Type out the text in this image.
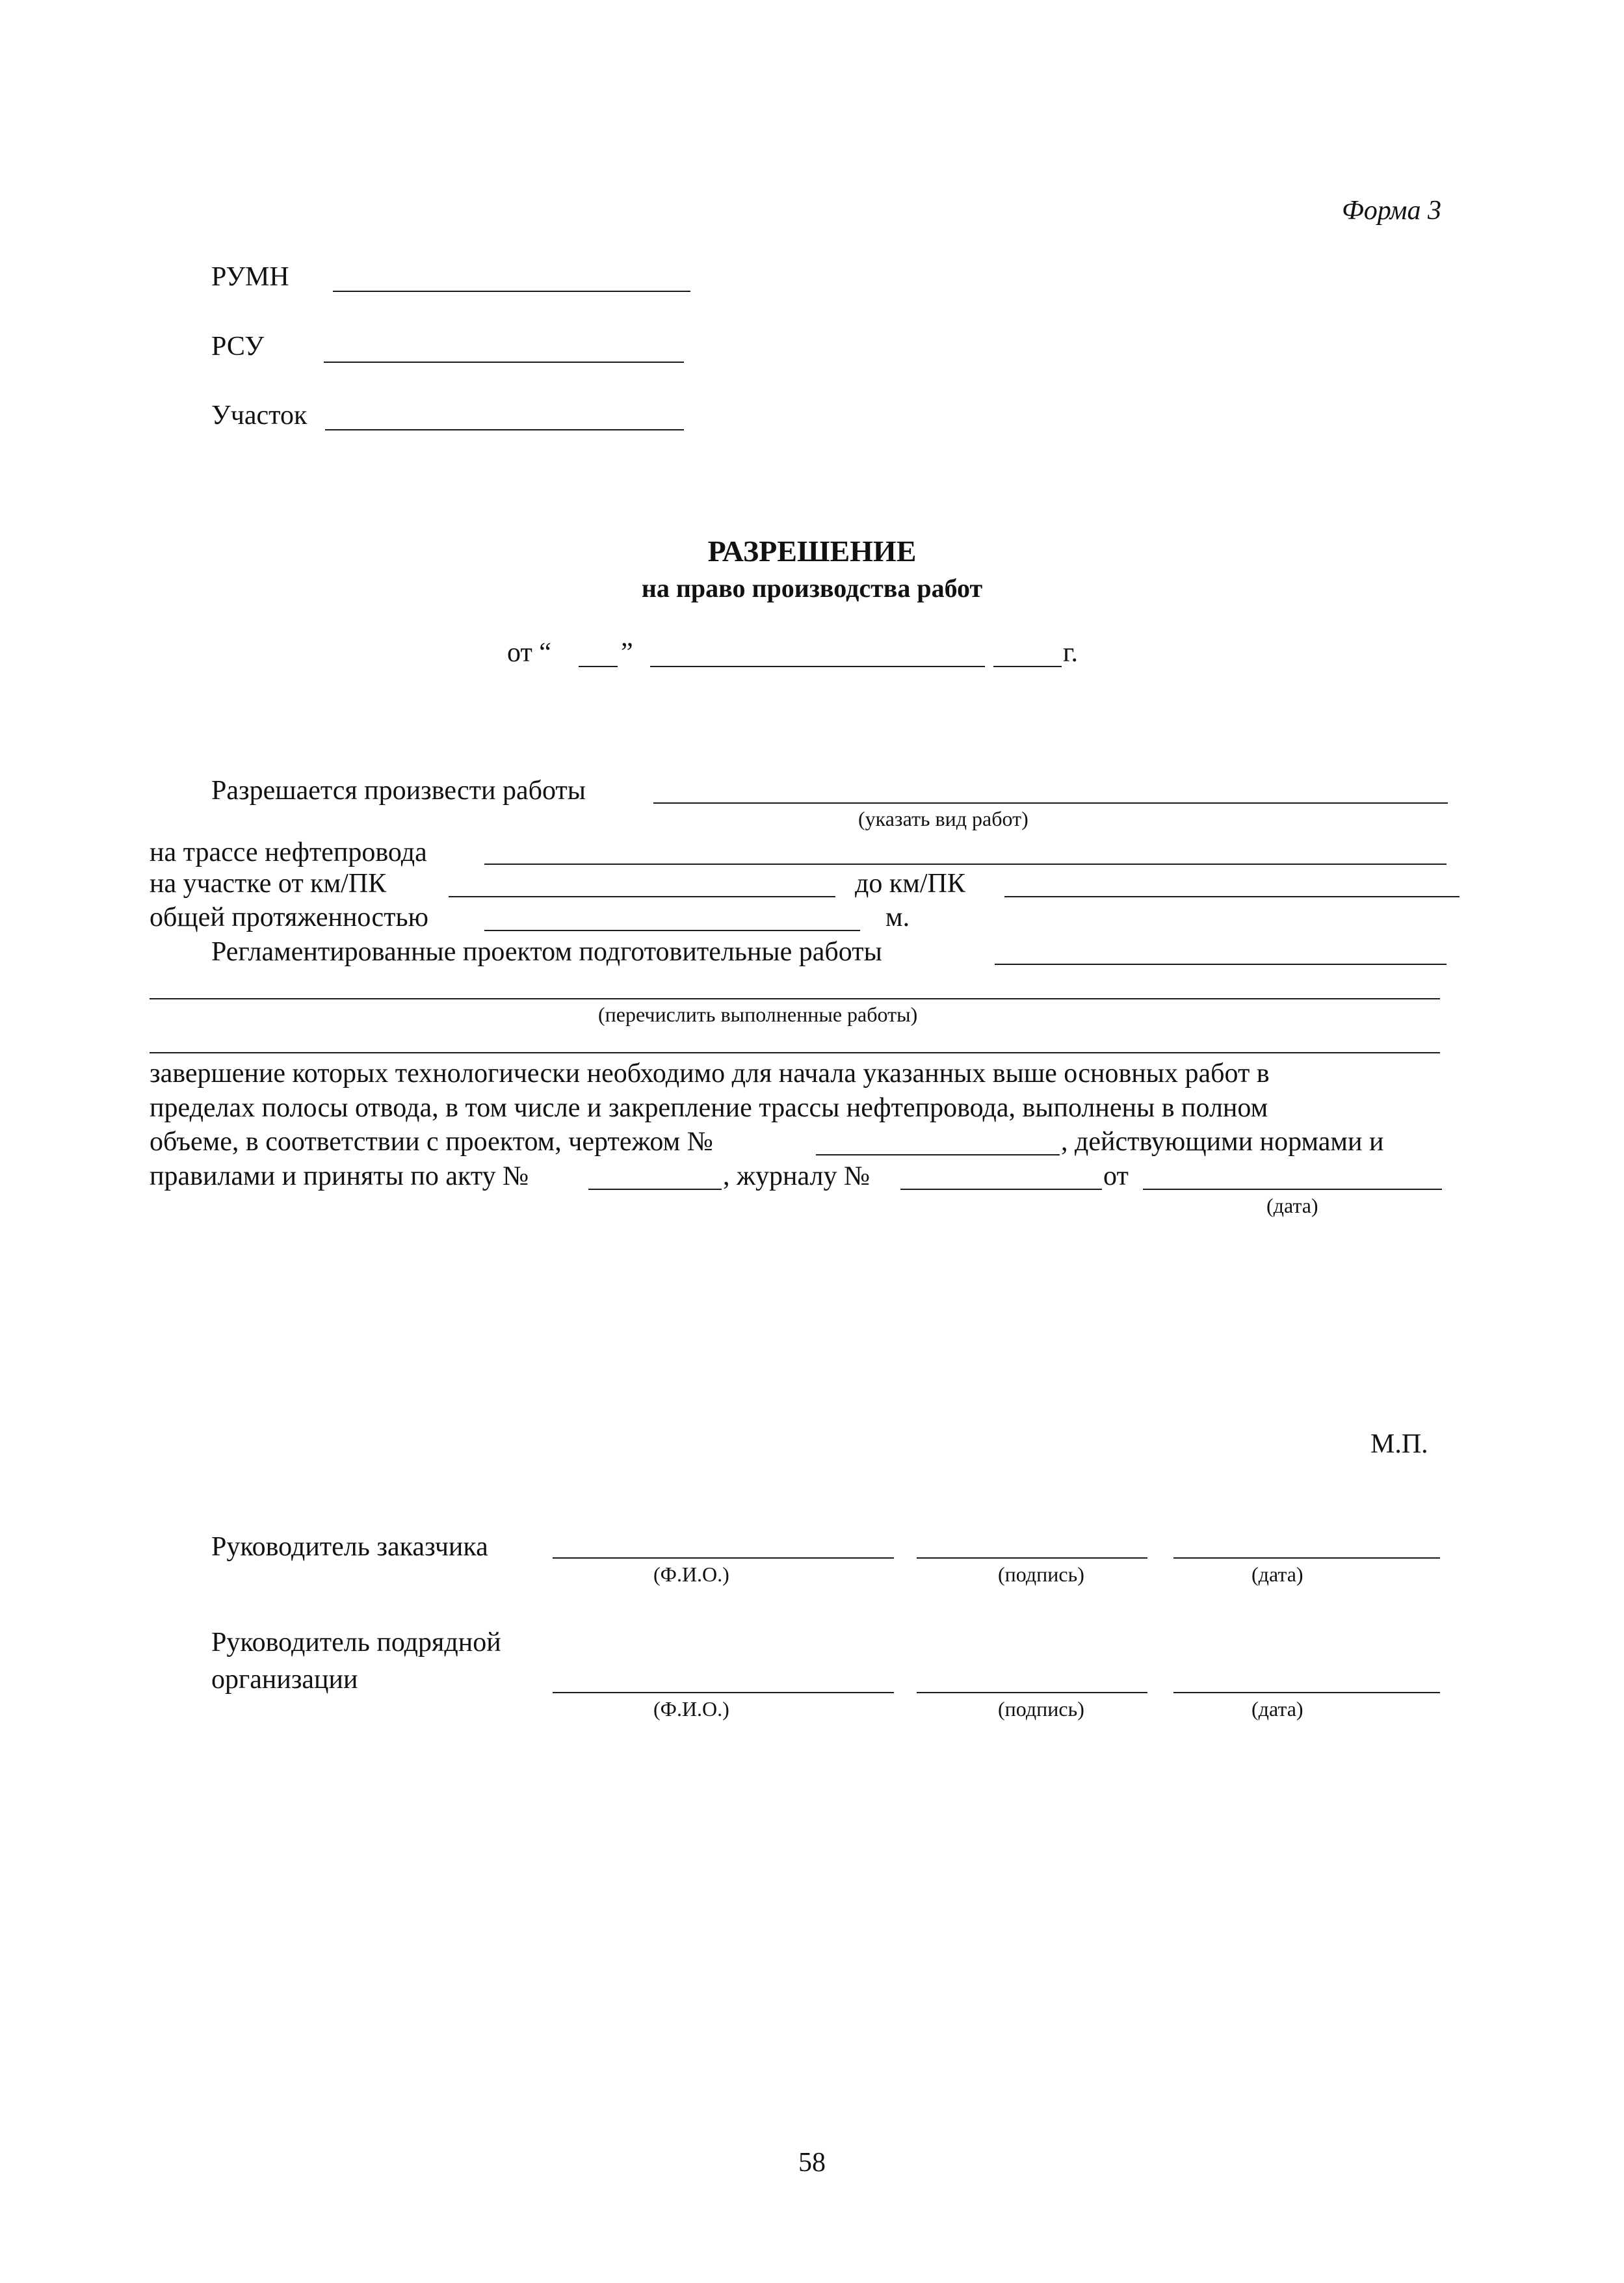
Форма 3
РУМН
РСУ
Участок
РАЗРЕШЕНИЕ
на право производства работ
от “	”	г.
Разрешается произвести работы
(указать вид работ)
на трассе нефтепровода
на участке от км/ПК	до км/ПК
общей протяженностью	м.
Регламентированные проектом подготовительные работы
(перечислить выполненные работы)
завершение которых технологически необходимо для начала указанных выше основных работ в
пределах полосы отвода, в том числе и закрепление трассы нефтепровода, выполнены в полном
объеме, в соответствии с проектом, чертежом №	, действующими нормами и
правилами и приняты по акту №	, журналу №	от
(дата)
М.П.
Руководитель заказчика
(Ф.И.О.)	(подпись)	(дата)
Руководитель подрядной
организации
(Ф.И.О.)	(подпись)	(дата)
58
